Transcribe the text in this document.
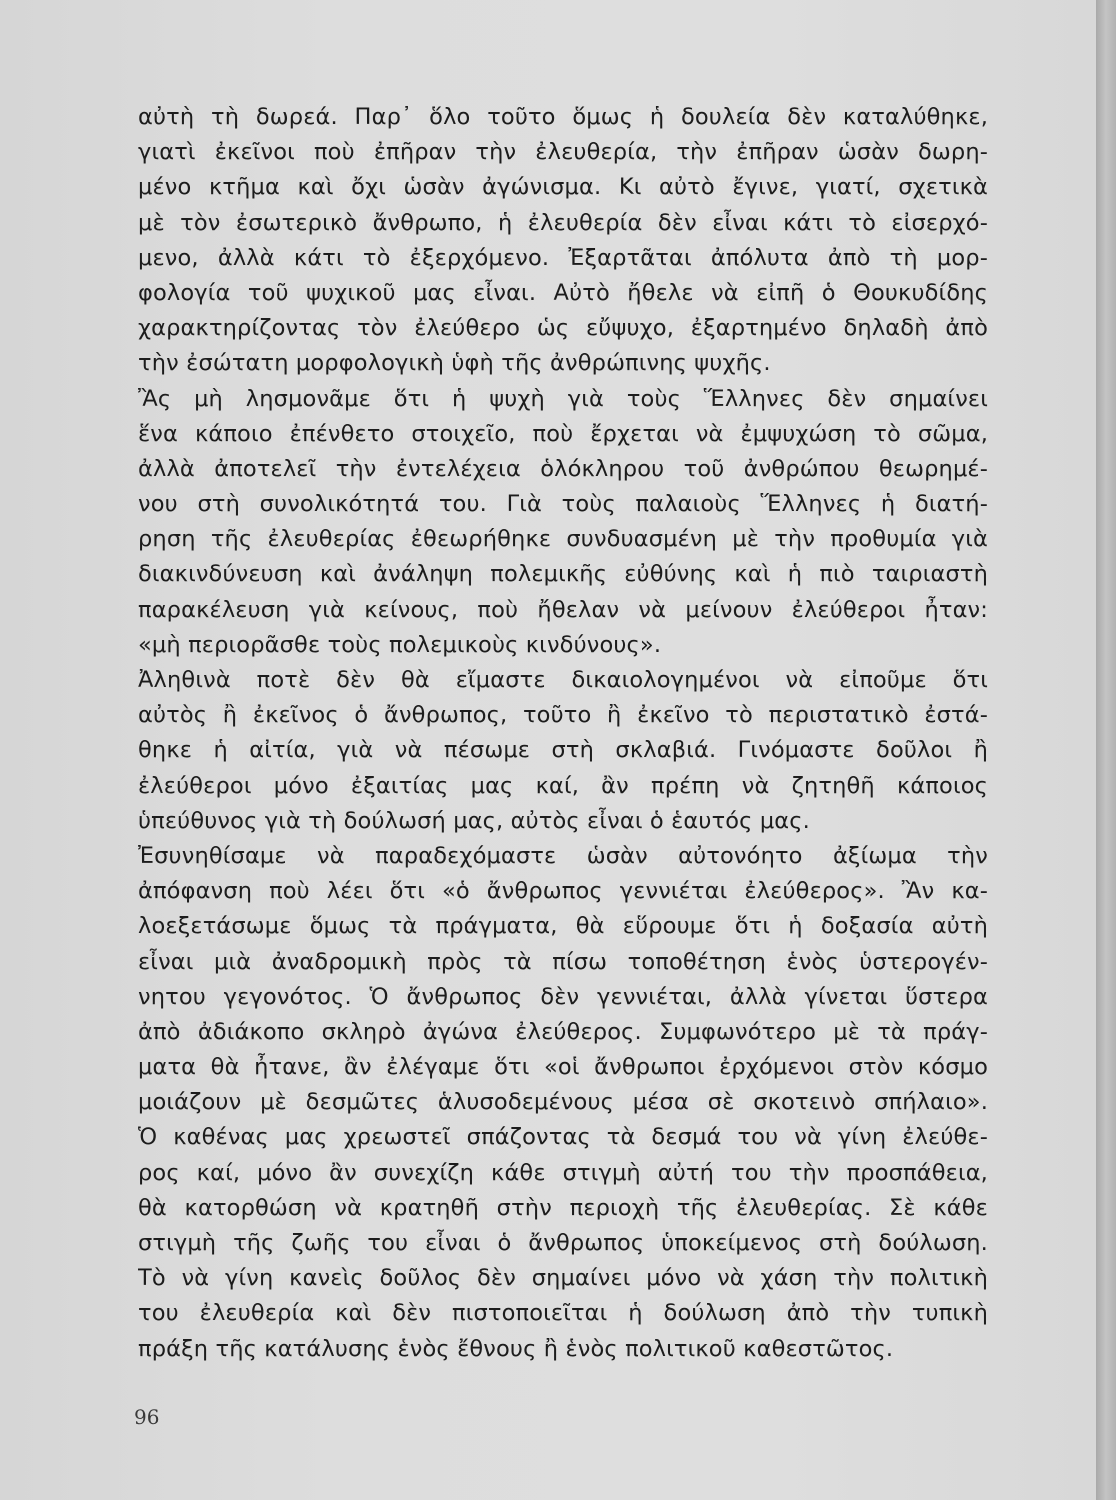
αὐτὴ τὴ δωρεά. Παρ᾽ ὅλο τοῦτο ὅμως ἡ δουλεία δὲν καταλύθηκε,
γιατὶ ἐκεῖνοι ποὺ ἐπῆραν τὴν ἐλευθερία, τὴν ἐπῆραν ὡσὰν δωρη-
μένο κτῆμα καὶ ὄχι ὡσὰν ἀγώνισμα. Κι αὐτὸ ἔγινε, γιατί, σχετικὰ
μὲ τὸν ἐσωτερικὸ ἄνθρωπο, ἡ ἐλευθερία δὲν εἶναι κάτι τὸ εἰσερχό-
μενο, ἀλλὰ κάτι τὸ ἐξερχόμενο. Ἐξαρτᾶται ἀπόλυτα ἀπὸ τὴ μορ-
φολογία τοῦ ψυχικοῦ μας εἶναι. Αὐτὸ ἤθελε νὰ εἰπῆ ὁ Θουκυδίδης
χαρακτηρίζοντας τὸν ἐλεύθερο ὡς εὔψυχο, ἐξαρτημένο δηλαδὴ ἀπὸ
τὴν ἐσώτατη μορφολογικὴ ὑφὴ τῆς ἀνθρώπινης ψυχῆς.
Ἂς μὴ λησμονᾶμε ὅτι ἡ ψυχὴ γιὰ τοὺς Ἕλληνες δὲν σημαίνει
ἕνα κάποιο ἐπένθετο στοιχεῖο, ποὺ ἔρχεται νὰ ἐμψυχώση τὸ σῶμα,
ἀλλὰ ἀποτελεῖ τὴν ἐντελέχεια ὁλόκληρου τοῦ ἀνθρώπου θεωρημέ-
νου στὴ συνολικότητά του. Γιὰ τοὺς παλαιοὺς Ἕλληνες ἡ διατή-
ρηση τῆς ἐλευθερίας ἐθεωρήθηκε συνδυασμένη μὲ τὴν προθυμία γιὰ
διακινδύνευση καὶ ἀνάληψη πολεμικῆς εὐθύνης καὶ ἡ πιὸ ταιριαστὴ
παρακέλευση γιὰ κείνους, ποὺ ἤθελαν νὰ μείνουν ἐλεύθεροι ἦταν:
«μὴ περιορᾶσθε τοὺς πολεμικοὺς κινδύνους».
Ἀληθινὰ ποτὲ δὲν θὰ εἴμαστε δικαιολογημένοι νὰ εἰποῦμε ὅτι
αὐτὸς ἢ ἐκεῖνος ὁ ἄνθρωπος, τοῦτο ἢ ἐκεῖνο τὸ περιστατικὸ ἐστά-
θηκε ἡ αἰτία, γιὰ νὰ πέσωμε στὴ σκλαβιά. Γινόμαστε δοῦλοι ἢ
ἐλεύθεροι μόνο ἐξαιτίας μας καί, ἂν πρέπη νὰ ζητηθῆ κάποιος
ὑπεύθυνος γιὰ τὴ δούλωσή μας, αὐτὸς εἶναι ὁ ἑαυτός μας.
Ἐσυνηθίσαμε νὰ παραδεχόμαστε ὡσὰν αὐτονόητο ἀξίωμα τὴν
ἀπόφανση ποὺ λέει ὅτι «ὁ ἄνθρωπος γεννιέται ἐλεύθερος». Ἂν κα-
λοεξετάσωμε ὅμως τὰ πράγματα, θὰ εὕρουμε ὅτι ἡ δοξασία αὐτὴ
εἶναι μιὰ ἀναδρομικὴ πρὸς τὰ πίσω τοποθέτηση ἑνὸς ὑστερογέν-
νητου γεγονότος. Ὁ ἄνθρωπος δὲν γεννιέται, ἀλλὰ γίνεται ὕστερα
ἀπὸ ἀδιάκοπο σκληρὸ ἀγώνα ἐλεύθερος. Συμφωνότερο μὲ τὰ πράγ-
ματα θὰ ἦτανε, ἂν ἐλέγαμε ὅτι «οἱ ἄνθρωποι ἐρχόμενοι στὸν κόσμο
μοιάζουν μὲ δεσμῶτες ἁλυσοδεμένους μέσα σὲ σκοτεινὸ σπήλαιο».
Ὁ καθένας μας χρεωστεῖ σπάζοντας τὰ δεσμά του νὰ γίνη ἐλεύθε-
ρος καί, μόνο ἂν συνεχίζη κάθε στιγμὴ αὐτή του τὴν προσπάθεια,
θὰ κατορθώση νὰ κρατηθῆ στὴν περιοχὴ τῆς ἐλευθερίας. Σὲ κάθε
στιγμὴ τῆς ζωῆς του εἶναι ὁ ἄνθρωπος ὑποκείμενος στὴ δούλωση.
Τὸ νὰ γίνη κανεὶς δοῦλος δὲν σημαίνει μόνο νὰ χάση τὴν πολιτικὴ
του ἐλευθερία καὶ δὲν πιστοποιεῖται ἡ δούλωση ἀπὸ τὴν τυπικὴ
πράξη τῆς κατάλυσης ἑνὸς ἔθνους ἢ ἑνὸς πολιτικοῦ καθεστῶτος.
96
